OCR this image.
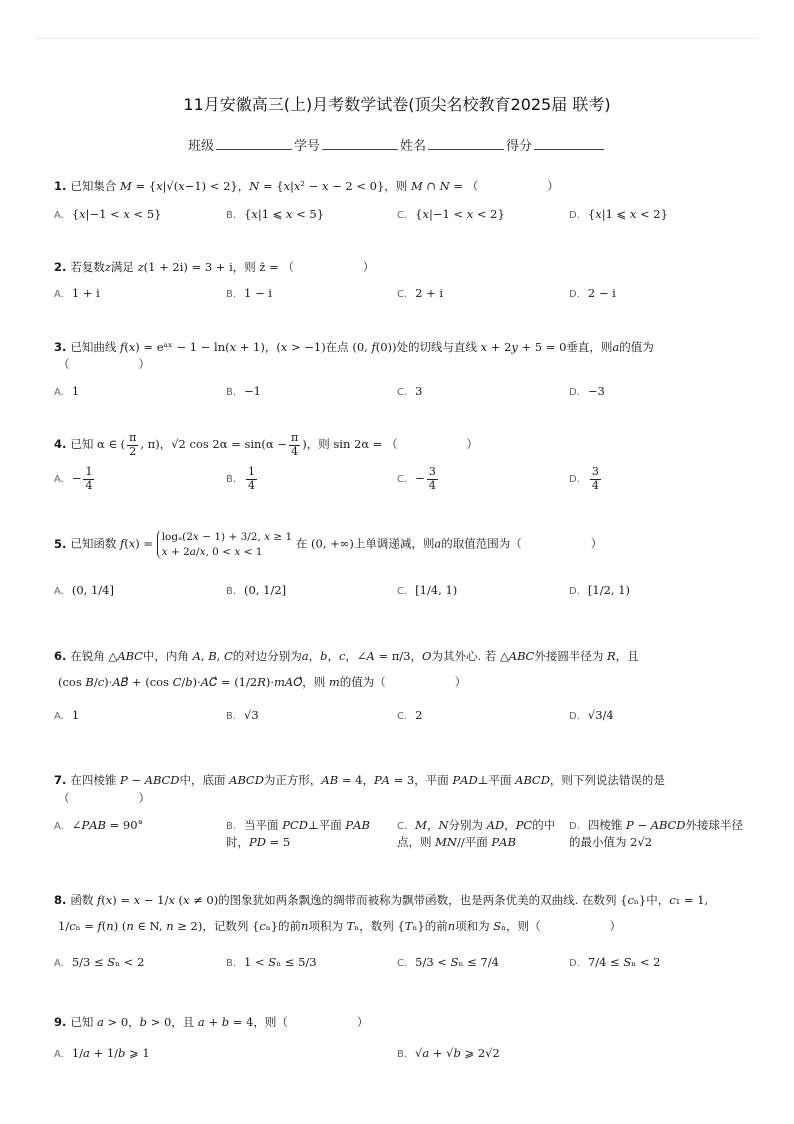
11月安徽高三(上)月考数学试卷(顶尖名校教育2025届 联考)
班级	学号	姓名	得分
1. 已知集合 𝑀 = {𝑥|√(𝑥−1) < 2}，𝑁 = {𝑥|𝑥² − 𝑥 − 2 < 0}，则 𝑀 ∩ 𝑁 = （　　　　　　）
A. {𝑥|−1 < 𝑥 < 5}	B. {𝑥|1 ⩽ 𝑥 < 5}	C. {𝑥|−1 < 𝑥 < 2}	D. {𝑥|1 ⩽ 𝑥 < 2}
2. 若复数𝑧满足 𝑧(1 + 2i) = 3 + i，则 z̄ = （　　　　　　）
A. 1 + i	B. 1 − i	C. 2 + i	D. 2 − i
3. 已知曲线 𝑓(𝑥) = eᵃˣ − 1 − ln(𝑥 + 1)，(𝑥 > −1)在点 (0, 𝑓(0))处的切线与直线 𝑥 + 2𝑦 + 5 = 0垂直，则𝑎的值为
（　　　　　　）
A. 1	B. −1	C. 3	D. −3
4. 已知 α ∈ ( $\frac{\pi}{2}$ , π)，√2 $\cos 2\alpha = \sin(\alpha - \frac{\pi}{4}$ )，则 sin 2α = （　　　　　　）
A. − $\frac{1}{4}$	B. $\frac{1}{4}$	C. − $\frac{3}{4}$	D. $\frac{3}{4}$
5. 已知函数 𝑓(𝑥) = logₐ(2𝑥 − 1) + 3/2, 𝑥 ≥ 1
𝑥 + 2𝑎/𝑥, 0 < 𝑥 < 1
在 (0, +∞)上单调递减，则𝑎的取值范围为（　　　　　　）
A. (0, 1/4]	B. (0, 1/2]	C. [1/4, 1)	D. [1/2, 1)
6. 在锐角 △𝐴𝐵𝐶中，内角 𝐴, 𝐵, 𝐶的对边分别为𝑎，𝑏，𝑐，∠𝐴 = π/3，𝑂为其外心. 若 △𝐴𝐵𝐶外接圆半径为 𝑅，且
(cos 𝐵/𝑐)·𝐴𝐵⃗ + (cos 𝐶/𝑏)·𝐴𝐶⃗ = (1/2𝑅)·𝑚𝐴𝑂⃗，则 𝑚的值为（　　　　　　）
A. 1	B. √3	C. 2	D. √3/4
7. 在四棱锥 𝑃 − 𝐴𝐵𝐶𝐷中，底面 𝐴𝐵𝐶𝐷为正方形，𝐴𝐵 = 4，𝑃𝐴 = 3，平面 𝑃𝐴𝐷⊥平面 𝐴𝐵𝐶𝐷，则下列说法错误的是
（　　　　　　）
A. ∠𝑃𝐴𝐵 = 90°	B. 当平面 𝑃𝐶𝐷⊥平面 𝑃𝐴𝐵时，𝑃𝐷 = 5
C. 𝑀，𝑁分别为 𝐴𝐷，𝑃𝐶的中点，则 𝑀𝑁//平面 𝑃𝐴𝐵
D. 四棱锥 𝑃 − 𝐴𝐵𝐶𝐷外接球半径的最小值为 2√2
8. 函数 𝑓(𝑥) = 𝑥 − 1/𝑥 (𝑥 ≠ 0)的图象犹如两条飘逸的绸带而被称为飘带函数，也是两条优美的双曲线. 在数列 {𝑐ₙ}中，𝑐₁ = 1,
1/𝑐ₙ = 𝑓(𝑛) (𝑛 ∈ N, 𝑛 ≥ 2)，记数列 {𝑐ₙ}的前𝑛项积为 𝑇ₙ，数列 {𝑇ₙ}的前𝑛项和为 𝑆ₙ，则（　　　　　　）
A. 5/3 ≤ 𝑆ₙ < 2	B. 1 < 𝑆ₙ ≤ 5/3	C. 5/3 < 𝑆ₙ ≤ 7/4	D. 7/4 ≤ 𝑆ₙ < 2
9. 已知 𝑎 > 0，𝑏 > 0，且 𝑎 + 𝑏 = 4，则（　　　　　　）
A. 1/𝑎 + 1/𝑏 ⩾ 1	B. √𝑎 + √𝑏 ⩾ 2√2
